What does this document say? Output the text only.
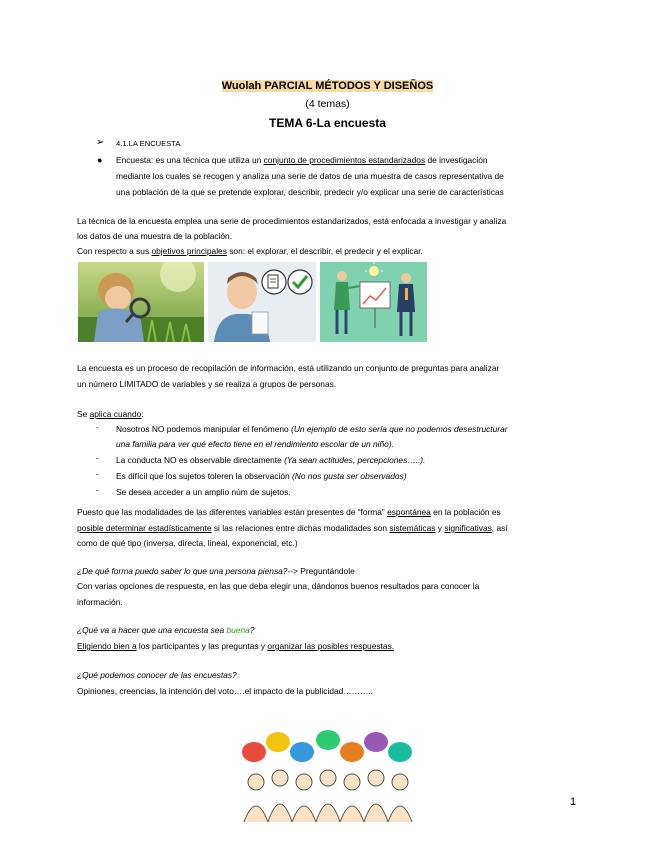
Wuolah PARCIAL MÉTODOS Y DISEÑOS
(4 temas)
TEMA 6-La encuesta
➢ 4.1.LA ENCUESTA
● Encuesta: es una técnica que utiliza un conjunto de procedimientos estandarizados de investigación
mediante los cuales se recogen y analiza una serie de datos de una muestra de casos representativa de
una población de la que se pretende explorar, describir, predecir y/o explicar una serie de características
La técnica de la encuesta emplea una serie de procedimientos estandarizados, está enfocada a investigar y analiza
los datos de una muestra de la población.
Con respecto a sus objetivos principales son: el explorar, el describir, el predecir y el explicar.
La encuesta es un proceso de recopilación de información, está utilizando un conjunto de preguntas para analizar
un número LIMITADO de variables y se realiza a grupos de personas.
Se aplica cuando:
- Nosotros NO podemos manipular el fenómeno (Un ejemplo de esto sería que no podemos desestructurar
una familia para ver qué efecto tiene en el rendimiento escolar de un niño).
- La conducta NO es observable directamente (Ya sean actitudes, percepciones…..).
- Es difícil que los sujetos toleren la observación (No nos gusta ser observados)
- Se desea acceder a un amplio núm de sujetos.
Puesto que las modalidades de las diferentes variables están presentes de “forma” espontánea en la población es
posible determinar estadísticamente si las relaciones entre dichas modalidades son sistemáticas y significativas, así
como de qué tipo (inversa, directa, lineal, exponencial, etc.)
¿De qué forma puedo saber lo que una persona piensa?--> Preguntándole
Con varias opciones de respuesta, en las que deba elegir una, dándonos buenos resultados para conocer la
información.
¿Qué va a hacer que una encuesta sea buena?
Eligiendo bien a los participantes y las preguntas y organizar las posibles respuestas.
¿Qué podemos conocer de las encuestas?
Opiniones, creencias, la intención del voto….el impacto de la publicidad………..
1
